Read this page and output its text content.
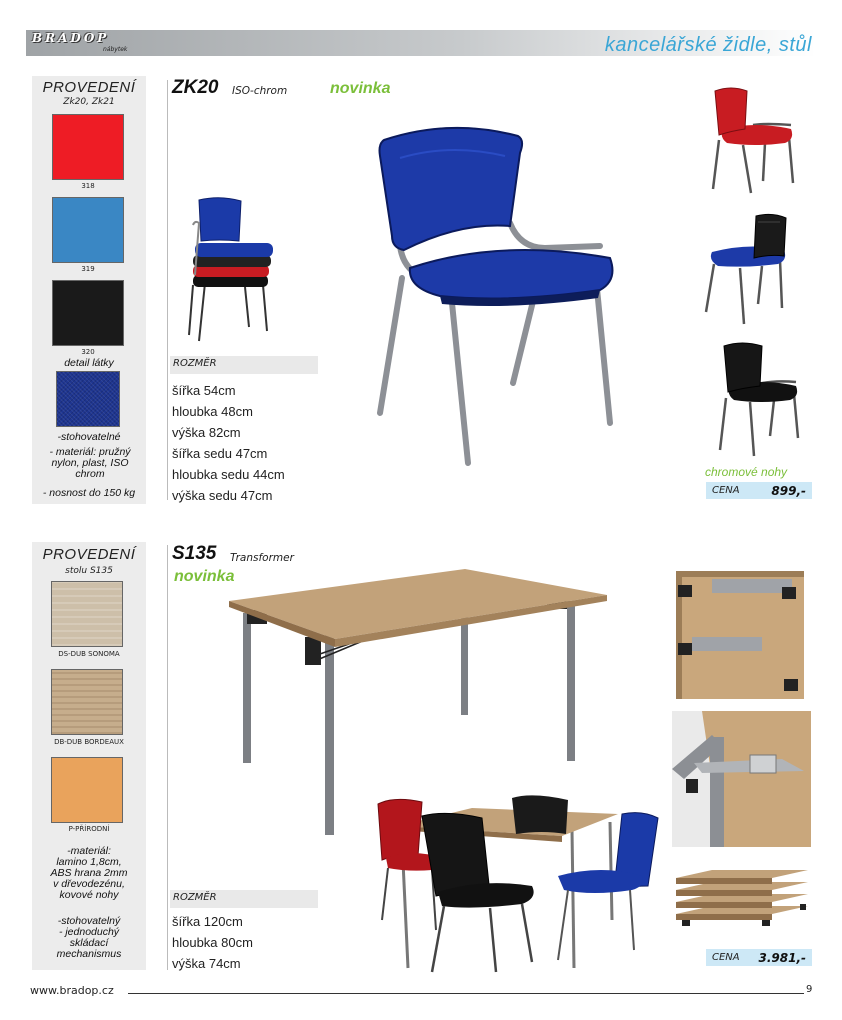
BRADOP
nábytek	kancelářské židle, stůl
PROVEDENÍ
Zk20, Zk21
318
319
320
detail látky
-stohovatelné
- materiál: pružný nylon, plast, ISO chrom
- nosnost do 150 kg
ZK20 ISO-chrom	novinka
ROZMĚR
šířka 54cm
hloubka 48cm
výška 82cm
šířka sedu 47cm
hloubka sedu 44cm
výška sedu 47cm
chromové nohy
CENA	899,-
PROVEDENÍ
stolu S135
DS-DUB SONOMA
DB-DUB BORDEAUX
P-PŘÍRODNÍ
-materiál:
lamino 1,8cm,
ABS hrana 2mm
v dřevodezénu,
kovové nohy
-stohovatelný
- jednoduchý
skládací
mechanismus
S135 Transformer
novinka
ROZMĚR
šířka 120cm
hloubka 80cm
výška 74cm	CENA 3.981,-
www.bradop.cz	9
